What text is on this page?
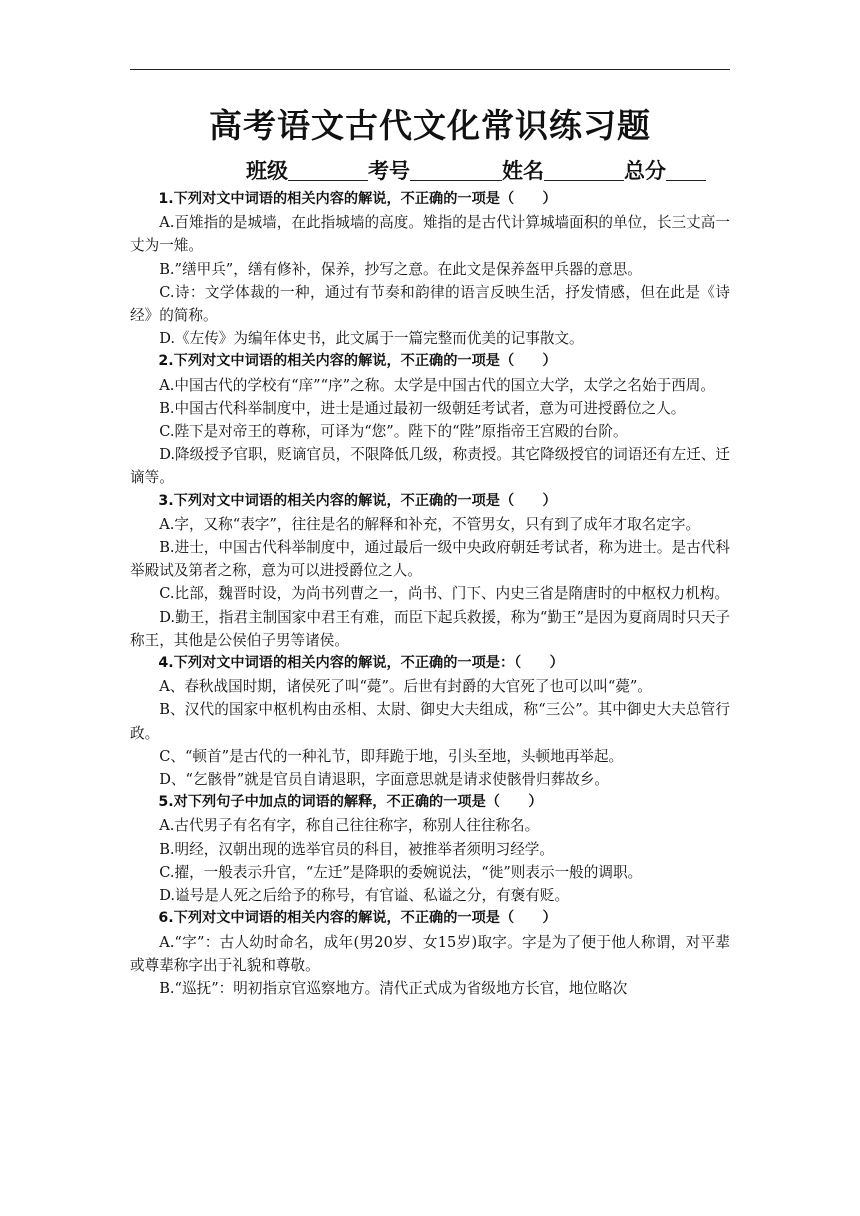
高考语文古代文化常识练习题
班级	考号	姓名	总分

1.下列对文中词语的相关内容的解说，不正确的一项是（　　）

A.百雉指的是城墙，在此指城墙的高度。雉指的是古代计算城墙面积的单位，长三丈高一丈为一雉。

B.”缮甲兵”，缮有修补，保养，抄写之意。在此文是保养盔甲兵器的意思。

C.诗：文学体裁的一种，通过有节奏和韵律的语言反映生活，抒发情感，但在此是《诗经》的简称。

D.《左传》为编年体史书，此文属于一篇完整而优美的记事散文。

2.下列对文中词语的相关内容的解说，不正确的一项是（　　）

A.中国古代的学校有“庠”“序”之称。太学是中国古代的国立大学，太学之名始于西周。

B.中国古代科举制度中，进士是通过最初一级朝廷考试者，意为可进授爵位之人。

C.陛下是对帝王的尊称，可译为“您”。陛下的“陛”原指帝王宫殿的台阶。

D.降级授予官职，贬谪官员，不限降低几级，称责授。其它降级授官的词语还有左迁、迁谪等。

3.下列对文中词语的相关内容的解说，不正确的一项是（　　）

A.字，又称“表字”，往往是名的解释和补充，不管男女，只有到了成年才取名定字。

B.进士，中国古代科举制度中，通过最后一级中央政府朝廷考试者，称为进士。是古代科举殿试及第者之称，意为可以进授爵位之人。

C.比部，魏晋时设，为尚书列曹之一，尚书、门下、内史三省是隋唐时的中枢权力机构。

D.勤王，指君主制国家中君王有难，而臣下起兵救援，称为“勤王”是因为夏商周时只天子称王，其他是公侯伯子男等诸侯。

4.下列对文中词语的相关内容的解说，不正确的一项是：（　　）

A、春秋战国时期，诸侯死了叫“薨”。后世有封爵的大官死了也可以叫“薨”。

B、汉代的国家中枢机构由丞相、太尉、御史大夫组成，称“三公”。其中御史大夫总管行政。

C、“顿首”是古代的一种礼节，即拜跪于地，引头至地，头顿地再举起。

D、“乞骸骨”就是官员自请退职，字面意思就是请求使骸骨归葬故乡。

5.对下列句子中加点的词语的解释，不正确的一项是（　　）

A.古代男子有名有字，称自己往往称字，称别人往往称名。

B.明经，汉朝出现的选举官员的科目，被推举者须明习经学。

C.擢，一般表示升官，“左迁”是降职的委婉说法，“徙”则表示一般的调职。

D.谥号是人死之后给予的称号，有官谥、私谥之分，有褒有贬。

6.下列对文中词语的相关内容的解说，不正确的一项是（　　）

A.“字”：古人幼时命名，成年(男20岁、女15岁)取字。字是为了便于他人称谓，对平辈或尊辈称字出于礼貌和尊敬。

B.“巡抚”：明初指京官巡察地方。清代正式成为省级地方长官，地位略次
